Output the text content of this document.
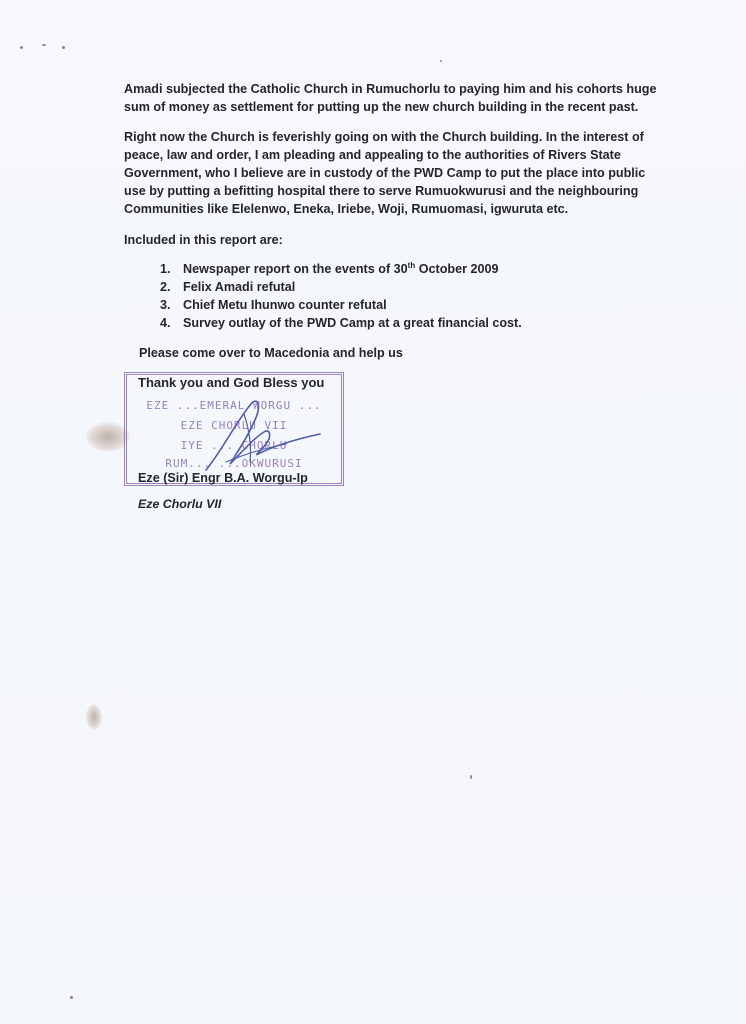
Amadi subjected the Catholic Church in Rumuchorlu to paying him and his cohorts huge
sum of money as settlement for putting up the new church building in the recent past.
Right now the Church is feverishly going on with the Church building. In the interest of
peace, law and order, I am pleading and appealing to the authorities of Rivers State
Government, who I believe are in custody of the PWD Camp to put the place into public
use by putting a befitting hospital there to serve Rumuokwurusi and the neighbouring
Communities like Elelenwo, Eneka, Iriebe, Woji, Rumuomasi, igwuruta etc.
Included in this report are:
1. Newspaper report on the events of 30th October 2009
2. Felix Amadi refutal
3. Chief Metu Ihunwo counter refutal
4. Survey outlay of the PWD Camp at a great financial cost.
Please come over to Macedonia and help us
EZE ...EMERAL WORGU ...
EZE CHORLU VII
IYE ... CHORLU
RUM... ...OKWURUSI
Thank you and God Bless you
Eze (Sir) Engr B.A. Worgu-Ip
Eze Chorlu VII
